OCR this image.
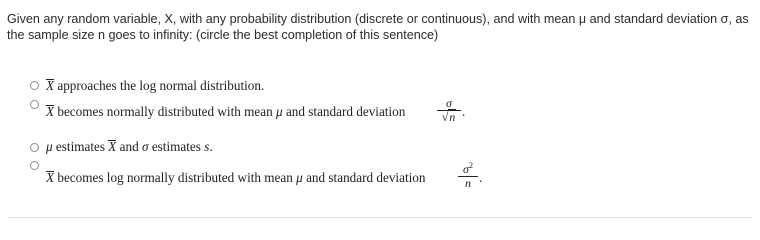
Given any random variable, X, with any probability distribution (discrete or continuous), and with mean μ and standard deviation σ, as the sample size n goes to infinity: (circle the best completion of this sentence)
X approaches the log normal distribution.
X becomes normally distributed with mean μ and standard deviation
σ
√n .
μ estimates X and σ estimates s.
X becomes log normally distributed with mean μ and standard deviation
$\sigma^2$
n .
